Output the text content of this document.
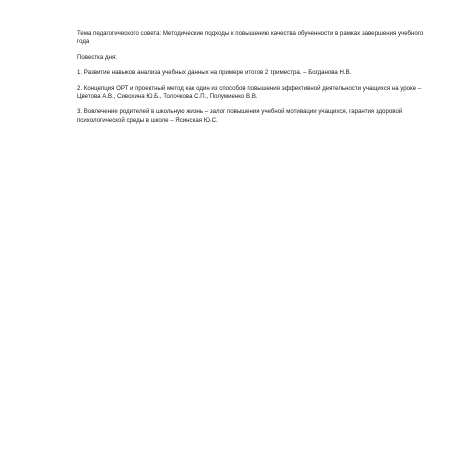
Тема педагогического совета: Методические подходы к повышению качества обученности в рамках завершения учебного года

Повестка дня:

1. Развитие навыков анализа учебных данных на примере итогов 2 триместра. – Богданова Н.В.

2. Концепция ОРТ и проектный метод как один из способов повышения эффективной деятельности учащихся на уроке – Цветова А.В., Сивохина Ю.Б., Толочкова С.П., Полумиенко В.В.

3. Вовлечение родителей в школьную жизнь – залог повышения учебной мотивации учащихся, гарантия здоровой психологической среды в школе – Ясинская Ю.С.
